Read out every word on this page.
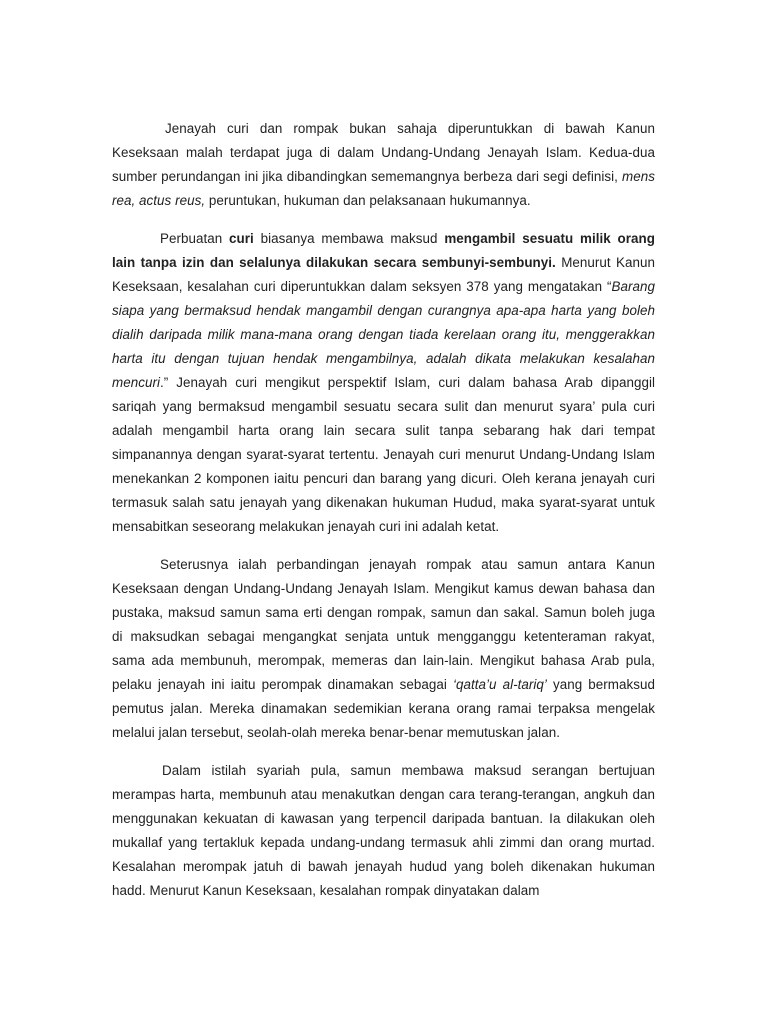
Jenayah curi dan rompak bukan sahaja diperuntukkan di bawah Kanun Keseksaan malah terdapat juga di dalam Undang-Undang Jenayah Islam. Kedua-dua sumber perundangan ini jika dibandingkan sememangnya berbeza dari segi definisi, mens rea, actus reus, peruntukan, hukuman dan pelaksanaan hukumannya.

Perbuatan curi biasanya membawa maksud mengambil sesuatu milik orang lain tanpa izin dan selalunya dilakukan secara sembunyi-sembunyi. Menurut Kanun Keseksaan, kesalahan curi diperuntukkan dalam seksyen 378 yang mengatakan “Barang siapa yang bermaksud hendak mangambil dengan curangnya apa-apa harta yang boleh dialih daripada milik mana-mana orang dengan tiada kerelaan orang itu, menggerakkan harta itu dengan tujuan hendak mengambilnya, adalah dikata melakukan kesalahan mencuri.” Jenayah curi mengikut perspektif Islam, curi dalam bahasa Arab dipanggil sariqah yang bermaksud mengambil sesuatu secara sulit dan menurut syara’ pula curi adalah mengambil harta orang lain secara sulit tanpa sebarang hak dari tempat simpanannya dengan syarat-syarat tertentu. Jenayah curi menurut Undang-Undang Islam menekankan 2 komponen iaitu pencuri dan barang yang dicuri. Oleh kerana jenayah curi termasuk salah satu jenayah yang dikenakan hukuman Hudud, maka syarat-syarat untuk mensabitkan seseorang melakukan jenayah curi ini adalah ketat.

Seterusnya ialah perbandingan jenayah rompak atau samun antara Kanun Keseksaan dengan Undang-Undang Jenayah Islam. Mengikut kamus dewan bahasa dan pustaka, maksud samun sama erti dengan rompak, samun dan sakal. Samun boleh juga di maksudkan sebagai mengangkat senjata untuk mengganggu ketenteraman rakyat, sama ada membunuh, merompak, memeras dan lain-lain. Mengikut bahasa Arab pula, pelaku jenayah ini iaitu perompak dinamakan sebagai ‘qatta’u al-tariq’ yang bermaksud pemutus jalan. Mereka dinamakan sedemikian kerana orang ramai terpaksa mengelak melalui jalan tersebut, seolah-olah mereka benar-benar memutuskan jalan.

Dalam istilah syariah pula, samun membawa maksud serangan bertujuan merampas harta, membunuh atau menakutkan dengan cara terang-terangan, angkuh dan menggunakan kekuatan di kawasan yang terpencil daripada bantuan. Ia dilakukan oleh mukallaf yang tertakluk kepada undang-undang termasuk ahli zimmi dan orang murtad. Kesalahan merompak jatuh di bawah jenayah hudud yang boleh dikenakan hukuman hadd. Menurut Kanun Keseksaan, kesalahan rompak dinyatakan dalam
